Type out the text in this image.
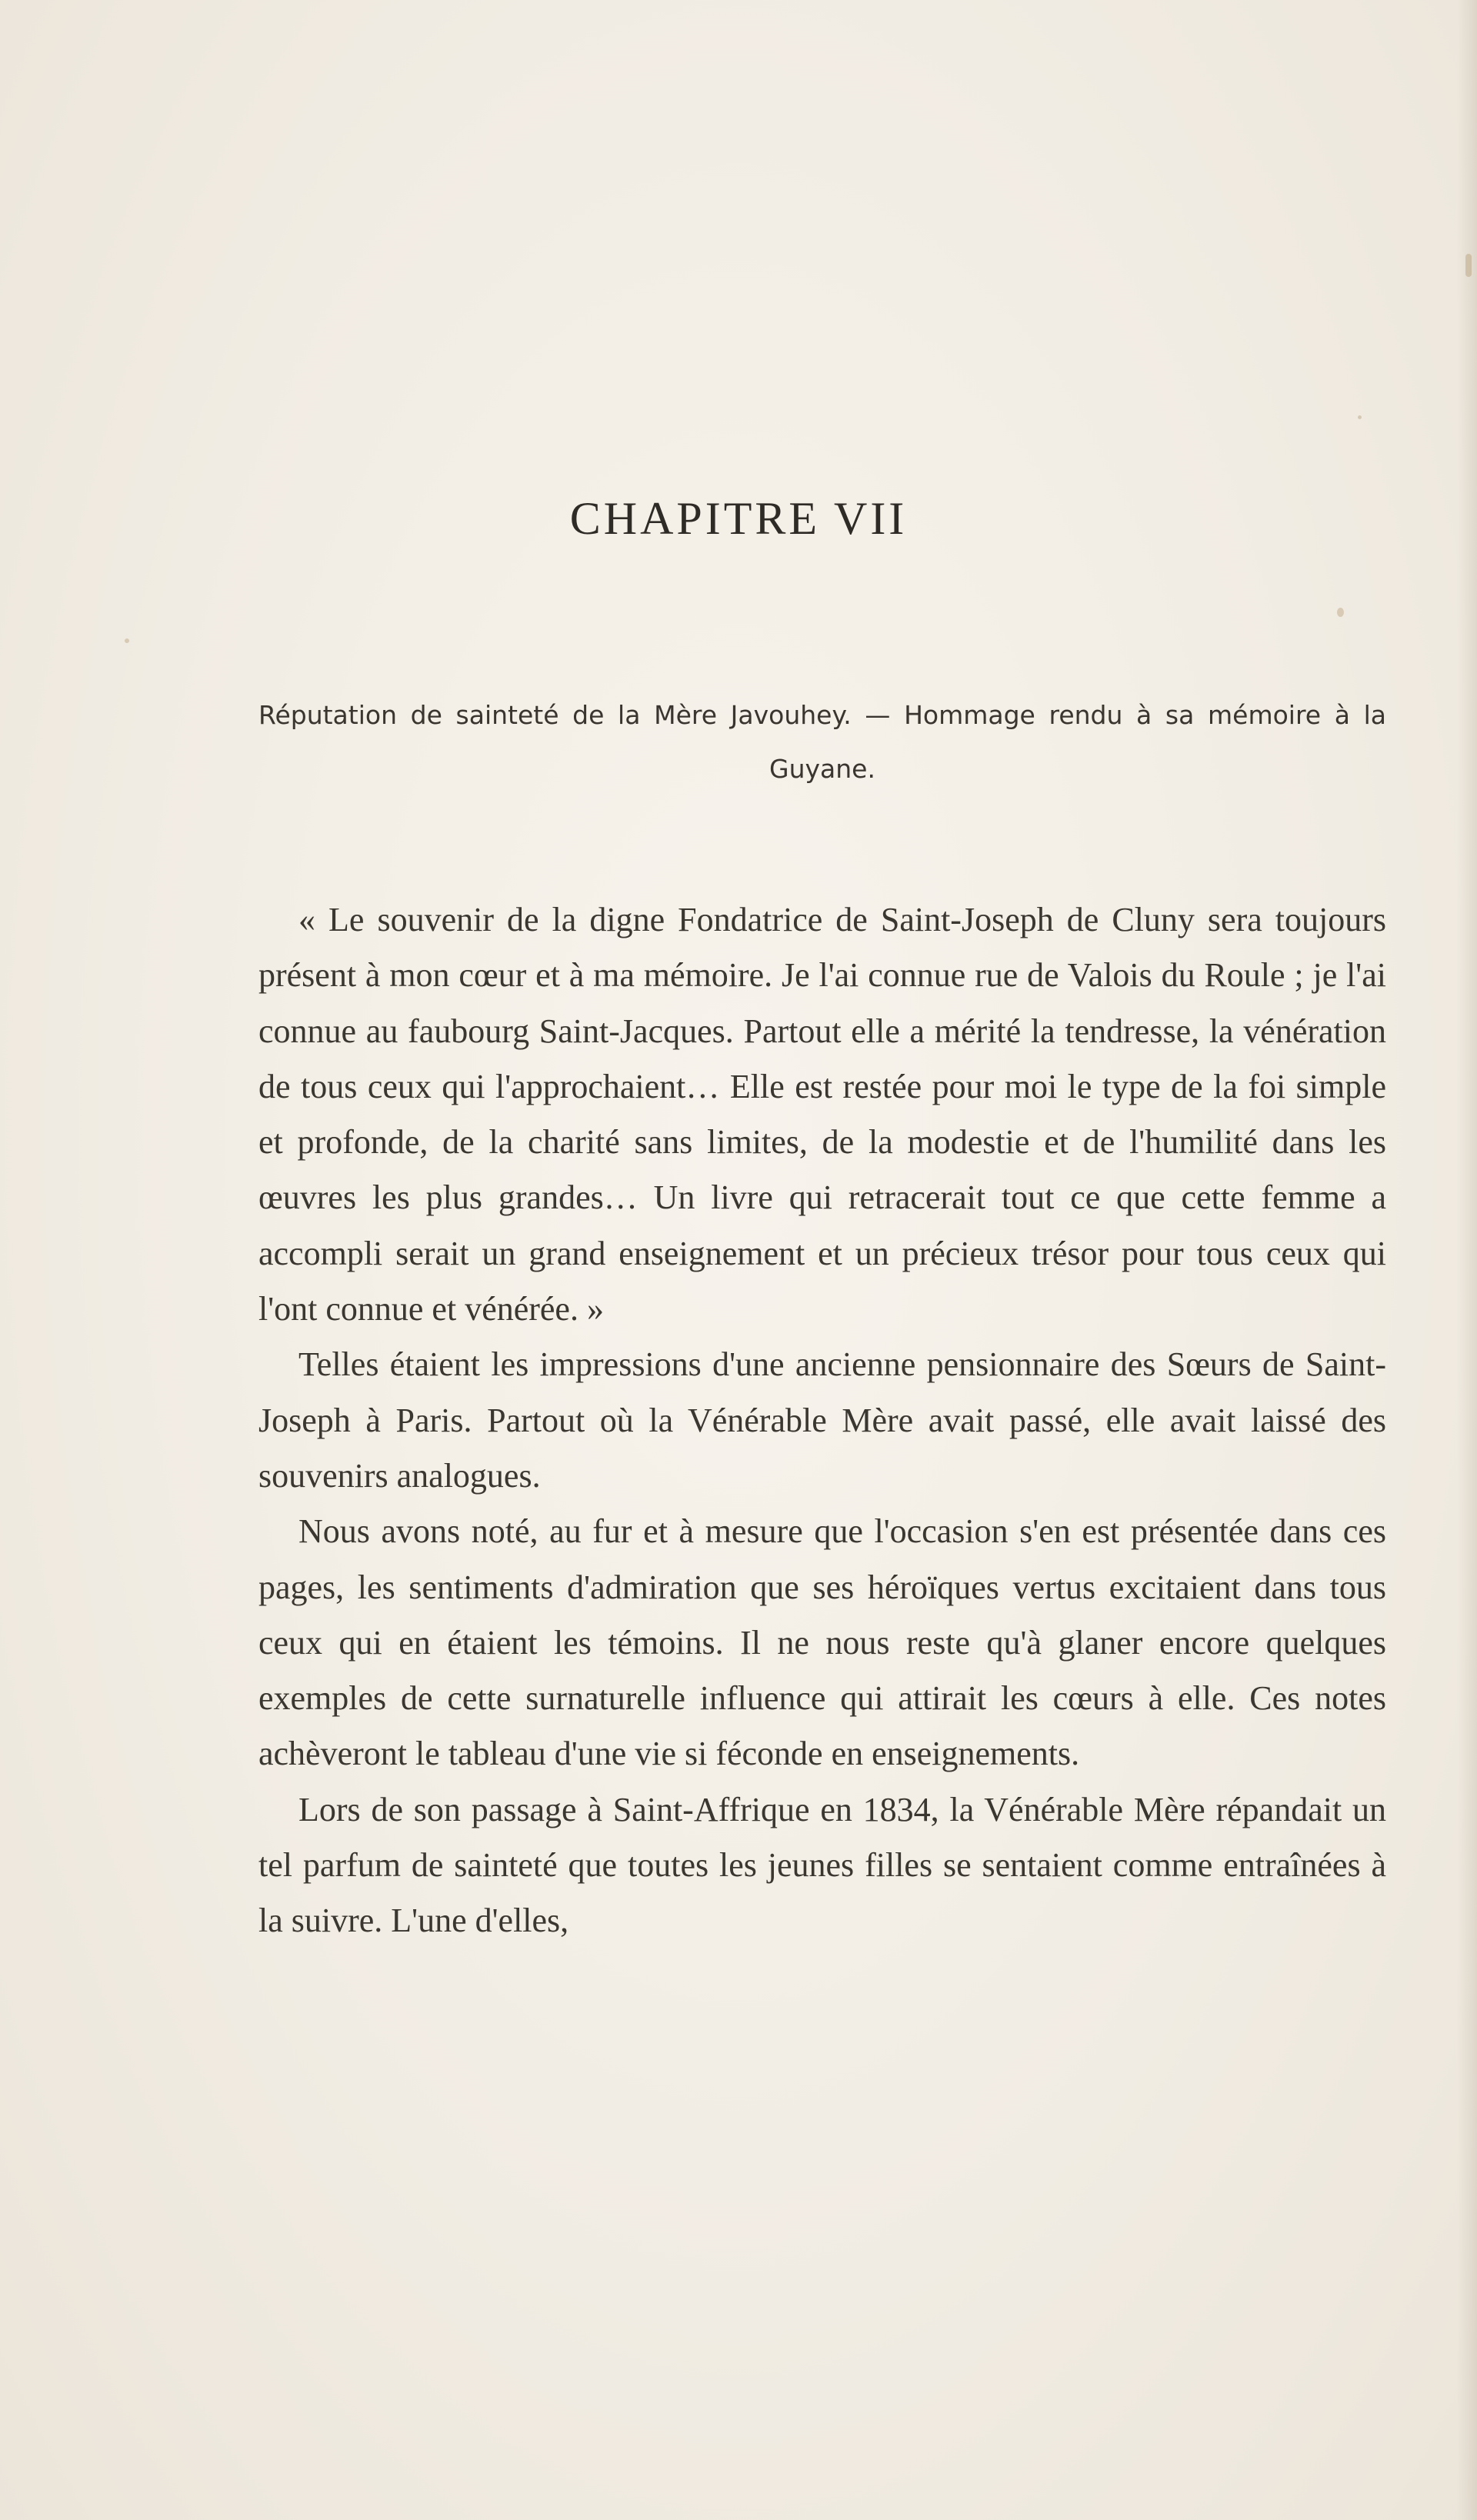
CHAPITRE VII

Réputation de sainteté de la Mère Javouhey. — Hommage rendu à sa mémoire à la Guyane.

« Le souvenir de la digne Fondatrice de Saint-Joseph de Cluny sera toujours présent à mon cœur et à ma mémoire. Je l'ai connue rue de Valois du Roule ; je l'ai connue au faubourg Saint-Jacques. Partout elle a mérité la tendresse, la vénération de tous ceux qui l'approchaient… Elle est restée pour moi le type de la foi simple et profonde, de la charité sans limites, de la modestie et de l'humilité dans les œuvres les plus grandes… Un livre qui retracerait tout ce que cette femme a accompli serait un grand enseignement et un précieux trésor pour tous ceux qui l'ont connue et vénérée. »

Telles étaient les impressions d'une ancienne pensionnaire des Sœurs de Saint-Joseph à Paris. Partout où la Vénérable Mère avait passé, elle avait laissé des souvenirs analogues.

Nous avons noté, au fur et à mesure que l'occasion s'en est présentée dans ces pages, les sentiments d'admiration que ses héroïques vertus excitaient dans tous ceux qui en étaient les témoins. Il ne nous reste qu'à glaner encore quelques exemples de cette surnaturelle influence qui attirait les cœurs à elle. Ces notes achèveront le tableau d'une vie si féconde en enseignements.

Lors de son passage à Saint-Affrique en 1834, la Vénérable Mère répandait un tel parfum de sainteté que toutes les jeunes filles se sentaient comme entraînées à la suivre. L'une d'elles,
